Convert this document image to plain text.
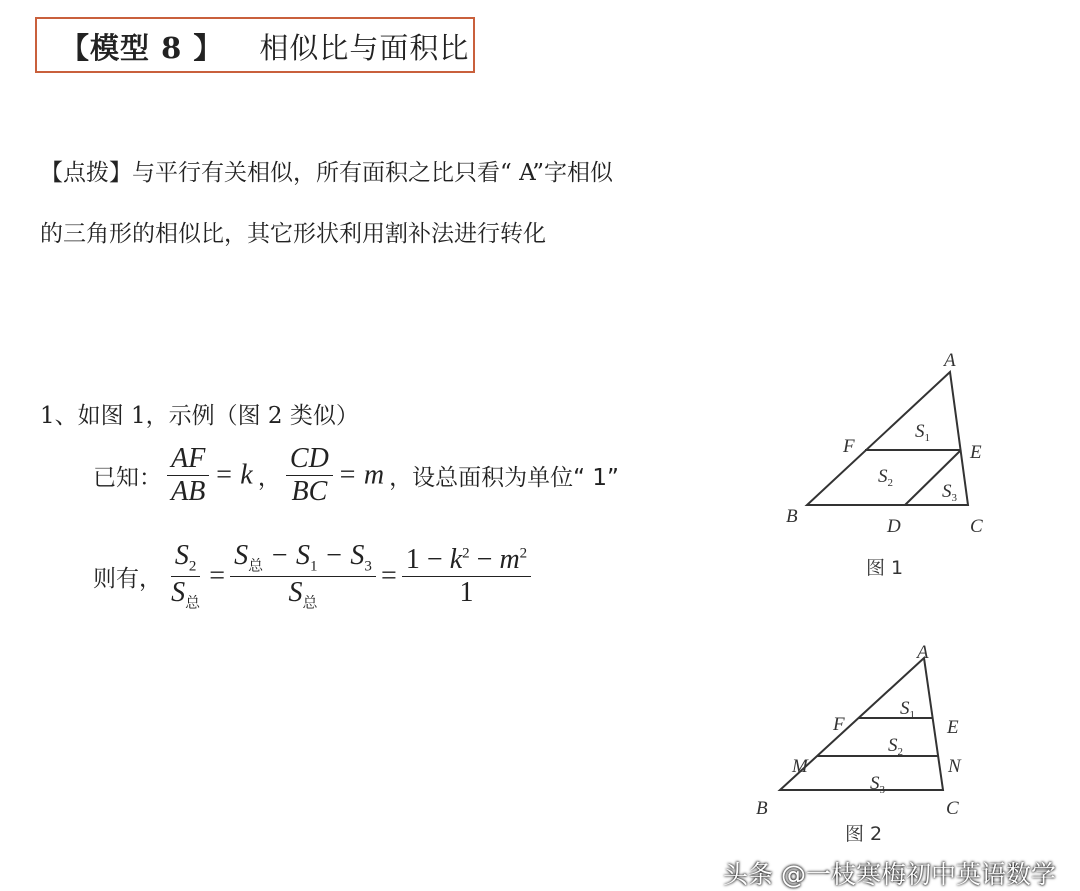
【模型 8 】 相似比与面积比
【点拨】与平行有关相似，所有面积之比只看“ A”字相似
的三角形的相似比，其它形状利用割补法进行转化
1、如图 1，示例（图 2 类似）
已知： $\frac{AF}{AB} = k$ ， $\frac{CD}{BC} = m$ ，设总面积为单位“ 1”
则有， $\frac{S_2}{S_总} = \frac{S_总 - S_1 - S_3}{S_总} = \frac{1 - k^2 - m^2}{1}$
A
F	E
B	D	C
$S_1$
$S_2$	$S_3$
图 1
A
F	E
M	N
B	C
$S_1$
$S_2$
$S_3$
图 2
头条 @一枝寒梅初中英语数学
